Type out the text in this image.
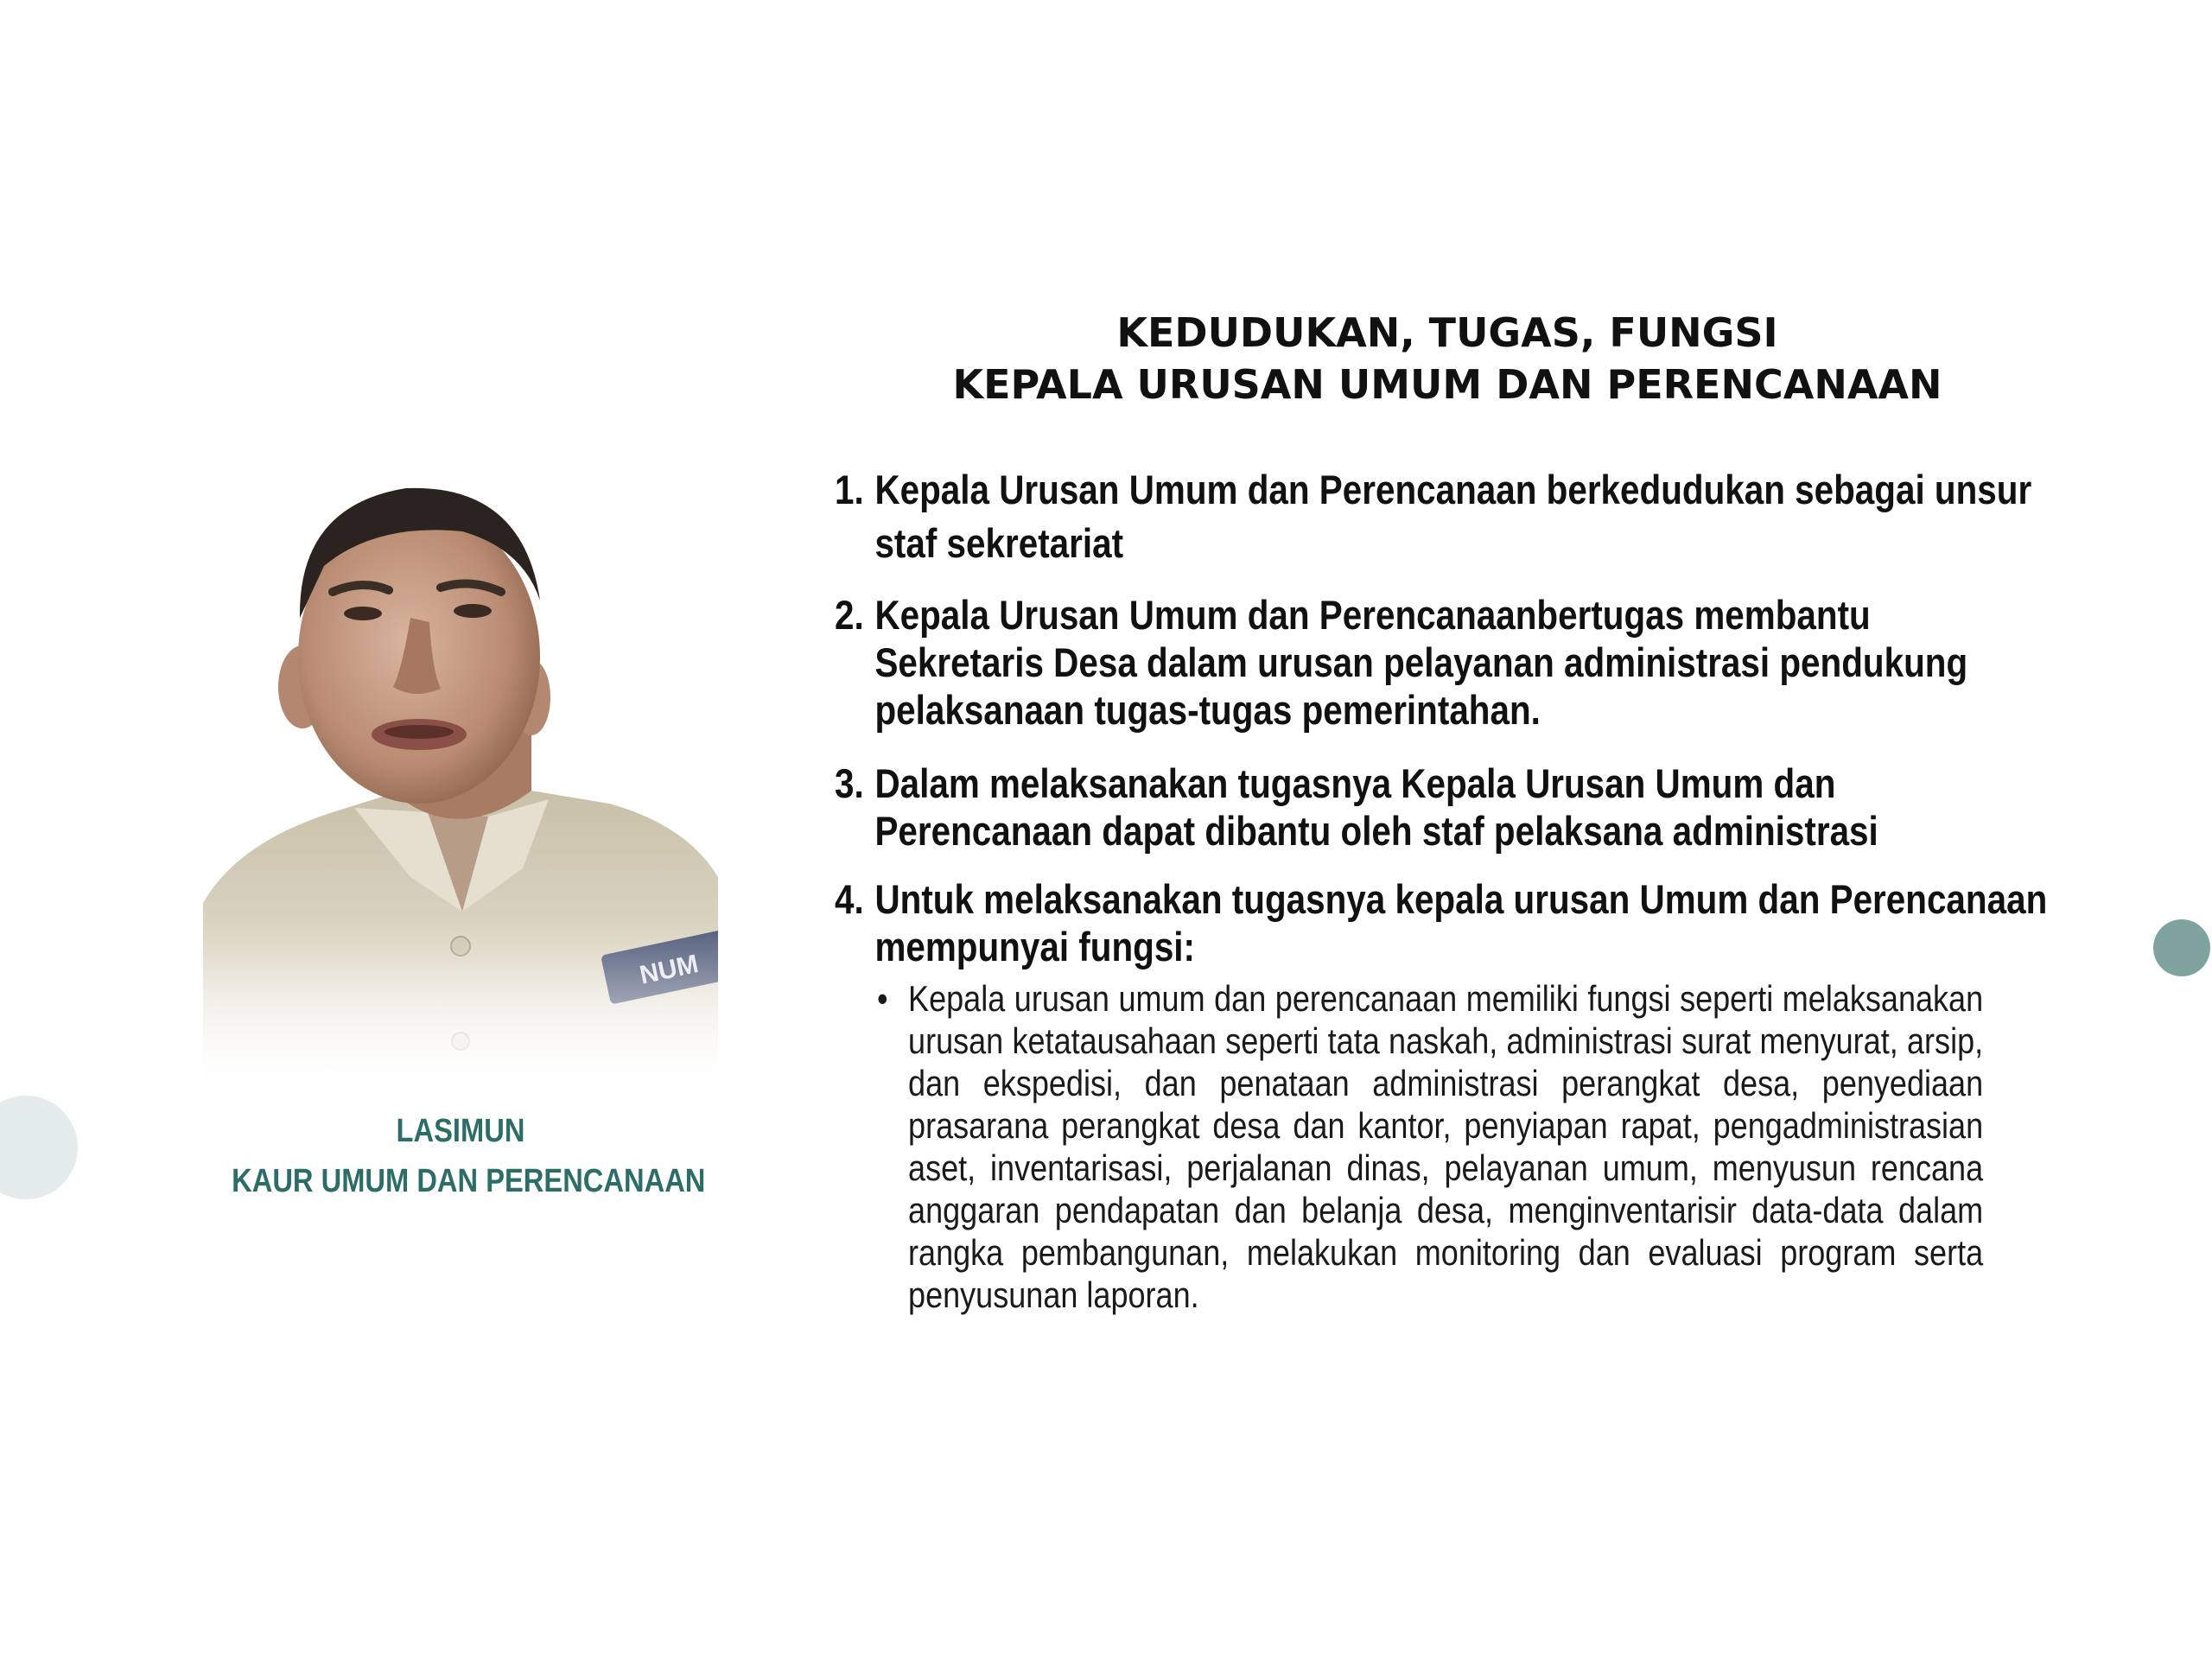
LASIMUN
KAUR UMUM DAN PERENCANAAN
KEDUDUKAN, TUGAS, FUNGSI
KEPALA URUSAN UMUM DAN PERENCANAAN
1. Kepala Urusan Umum dan Perencanaan berkedudukan sebagai unsur
staf sekretariat
2. Kepala Urusan Umum dan Perencanaanbertugas membantu
Sekretaris Desa dalam urusan pelayanan administrasi pendukung
pelaksanaan tugas-tugas pemerintahan.
3. Dalam melaksanakan tugasnya Kepala Urusan Umum dan
Perencanaan dapat dibantu oleh staf pelaksana administrasi
4. Untuk melaksanakan tugasnya kepala urusan Umum dan Perencanaan
mempunyai fungsi:
• Kepala urusan umum dan perencanaan memiliki fungsi seperti melaksanakan urusan ketatausahaan seperti tata naskah, administrasi surat menyurat, arsip, dan ekspedisi, dan penataan administrasi perangkat desa, penyediaan prasarana perangkat desa dan kantor, penyiapan rapat, pengadministrasian aset, inventarisasi, perjalanan dinas, pelayanan umum, menyusun rencana anggaran pendapatan dan belanja desa, menginventarisir data-data dalam rangka pembangunan, melakukan monitoring dan evaluasi program serta penyusunan laporan.
